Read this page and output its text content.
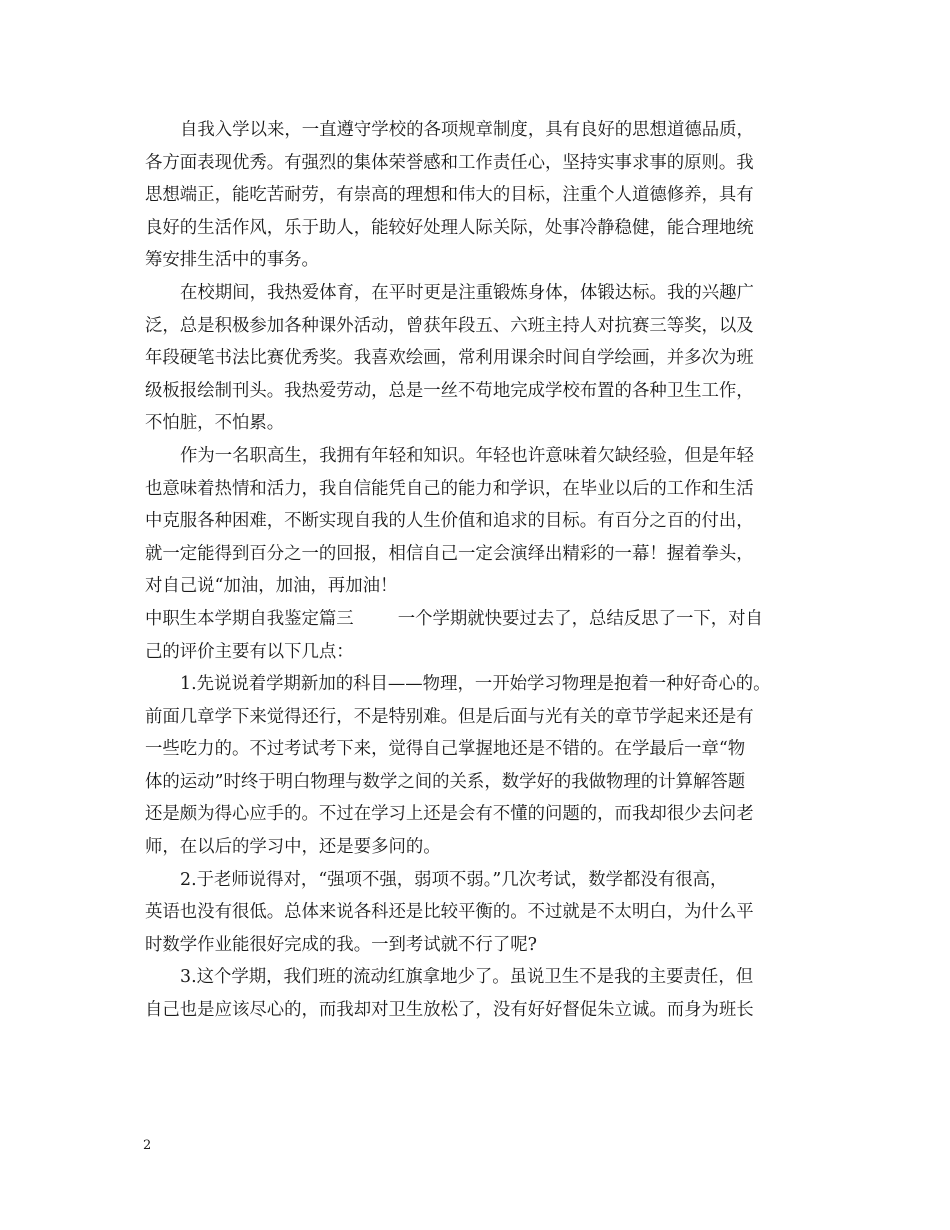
自我入学以来，一直遵守学校的各项规章制度，具有良好的思想道德品质，
各方面表现优秀。有强烈的集体荣誉感和工作责任心，坚持实事求事的原则。我
思想端正，能吃苦耐劳，有崇高的理想和伟大的目标，注重个人道德修养，具有
良好的生活作风，乐于助人，能较好处理人际关际，处事冷静稳健，能合理地统
筹安排生活中的事务。
在校期间，我热爱体育，在平时更是注重锻炼身体，体锻达标。我的兴趣广
泛，总是积极参加各种课外活动，曾获年段五、六班主持人对抗赛三等奖，以及
年段硬笔书法比赛优秀奖。我喜欢绘画，常利用课余时间自学绘画，并多次为班
级板报绘制刊头。我热爱劳动，总是一丝不苟地完成学校布置的各种卫生工作，
不怕脏，不怕累。
作为一名职高生，我拥有年轻和知识。年轻也许意味着欠缺经验，但是年轻
也意味着热情和活力，我自信能凭自己的能力和学识，在毕业以后的工作和生活
中克服各种困难，不断实现自我的人生价值和追求的目标。有百分之百的付出，
就一定能得到百分之一的回报，相信自己一定会演绎出精彩的一幕！握着拳头，
对自己说“加油，加油，再加油！
中职生本学期自我鉴定篇三	一个学期就快要过去了，总结反思了一下，对自
己的评价主要有以下几点：
1.先说说着学期新加的科目——物理，一开始学习物理是抱着一种好奇心的。
前面几章学下来觉得还行，不是特别难。但是后面与光有关的章节学起来还是有
一些吃力的。不过考试考下来，觉得自己掌握地还是不错的。在学最后一章“物
体的运动”时终于明白物理与数学之间的关系，数学好的我做物理的计算解答题
还是颇为得心应手的。不过在学习上还是会有不懂的问题的，而我却很少去问老
师，在以后的学习中，还是要多问的。
2.于老师说得对，“强项不强，弱项不弱。”几次考试，数学都没有很高，
英语也没有很低。总体来说各科还是比较平衡的。不过就是不太明白，为什么平
时数学作业能很好完成的我。一到考试就不行了呢?
3.这个学期，我们班的流动红旗拿地少了。虽说卫生不是我的主要责任，但
自己也是应该尽心的，而我却对卫生放松了，没有好好督促朱立诚。而身为班长
2
